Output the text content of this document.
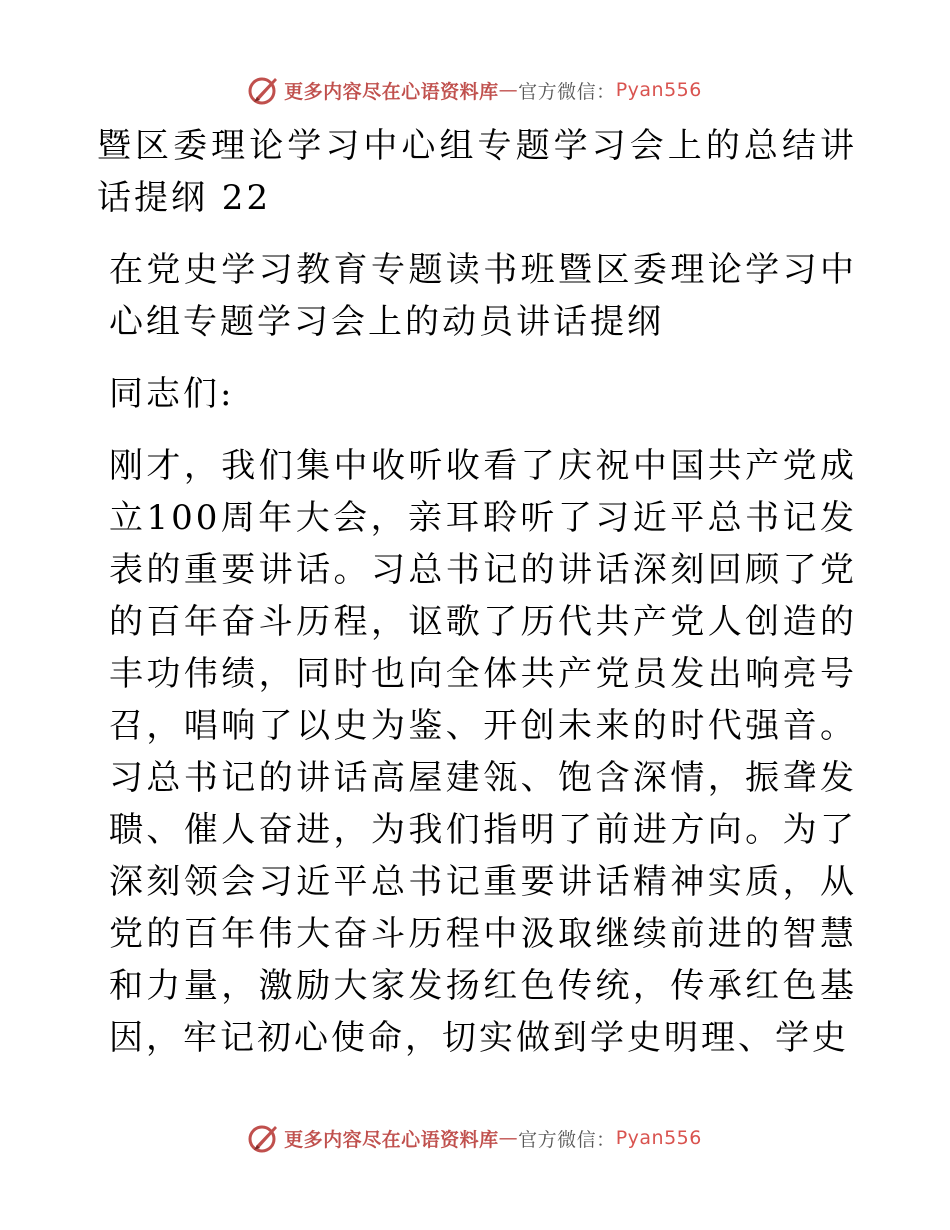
更多内容尽在心语资料库 — 官方微信： Pyan556

暨区委理论学习中心组专题学习会上的总结讲话提纲 22

在党史学习教育专题读书班暨区委理论学习中心组专题学习会上的动员讲话提纲

同志们:

刚才，我们集中收听收看了庆祝中国共产党成立100周年大会，亲耳聆听了习近平总书记发表的重要讲话。习总书记的讲话深刻回顾了党的百年奋斗历程，讴歌了历代共产党人创造的丰功伟绩，同时也向全体共产党员发出响亮号召，唱响了以史为鉴、开创未来的时代强音。习总书记的讲话高屋建瓴、饱含深情，振聋发聩、催人奋进，为我们指明了前进方向。为了深刻领会习近平总书记重要讲话精神实质，从党的百年伟大奋斗历程中汲取继续前进的智慧和力量，激励大家发扬红色传统，传承红色基因，牢记初心使命，切实做到学史明理、学史

更多内容尽在心语资料库 — 官方微信： Pyan556
